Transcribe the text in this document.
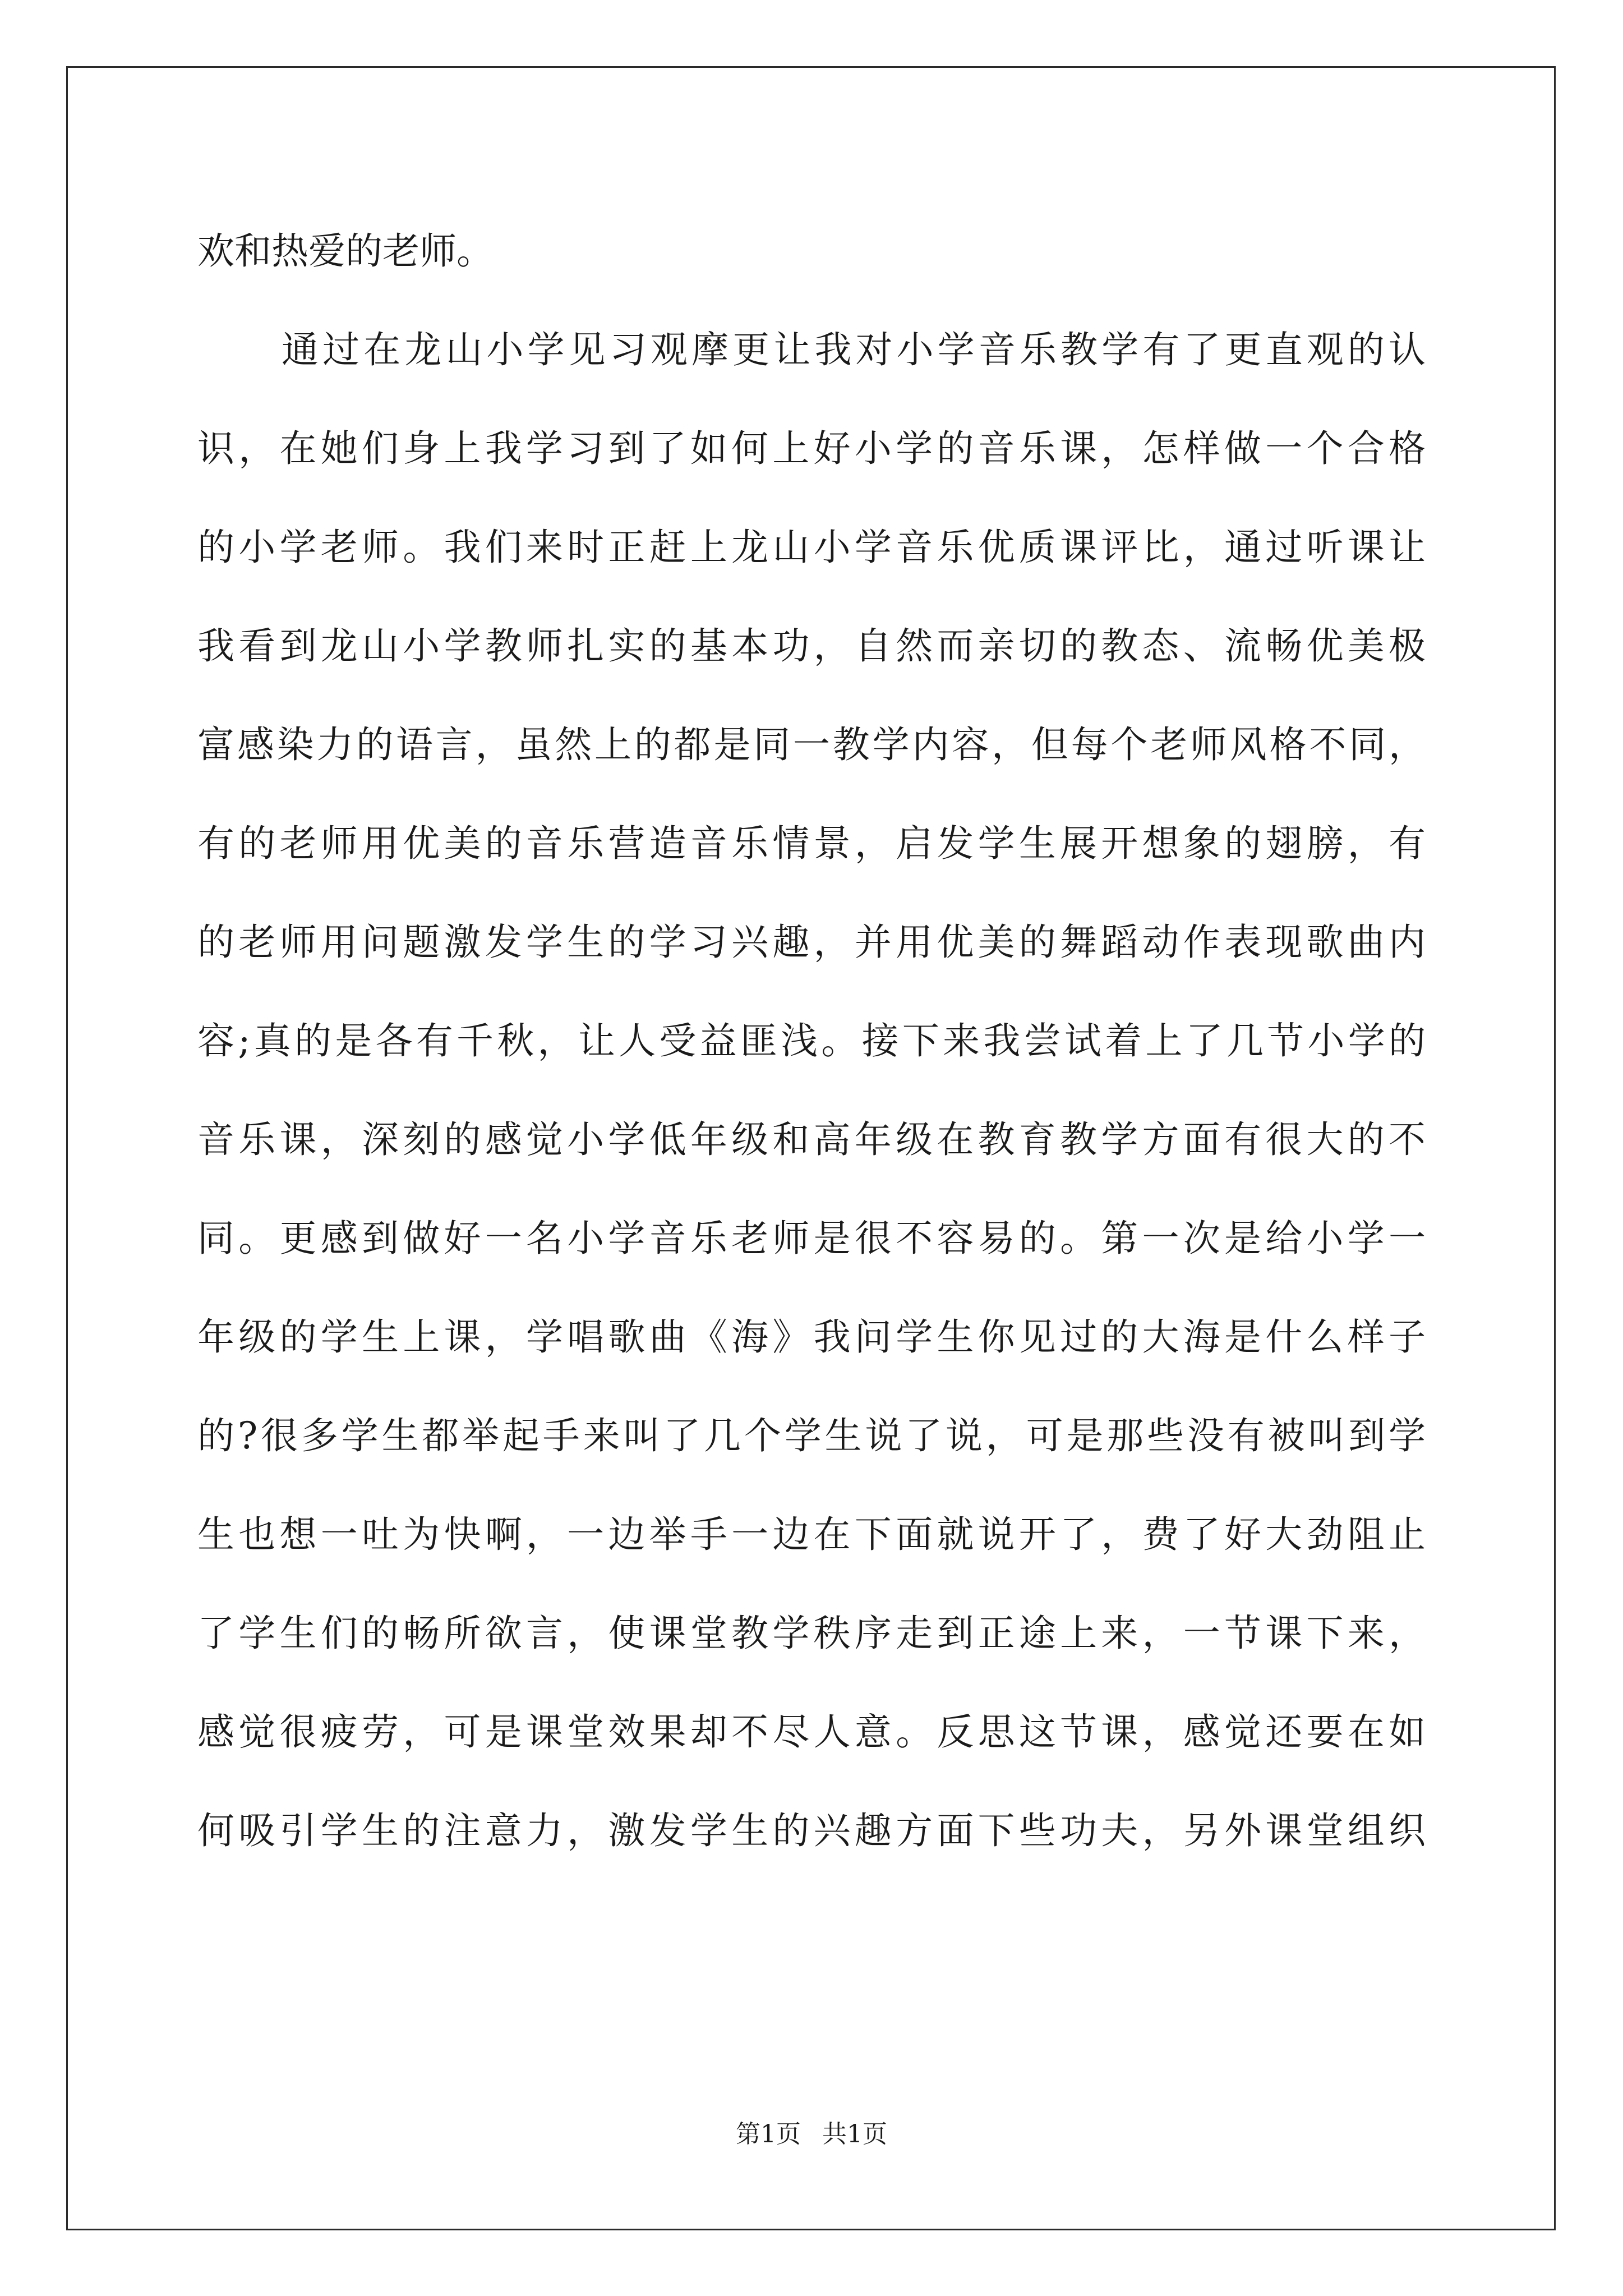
欢和热爱的老师。
通过在龙山小学见习观摩更让我对小学音乐教学有了更直观的认
识，在她们身上我学习到了如何上好小学的音乐课，怎样做一个合格
的小学老师。我们来时正赶上龙山小学音乐优质课评比，通过听课让
我看到龙山小学教师扎实的基本功，自然而亲切的教态、流畅优美极
富感染力的语言，虽然上的都是同一教学内容，但每个老师风格不同，
有的老师用优美的音乐营造音乐情景，启发学生展开想象的翅膀，有
的老师用问题激发学生的学习兴趣，并用优美的舞蹈动作表现歌曲内
容;真的是各有千秋，让人受益匪浅。接下来我尝试着上了几节小学的
音乐课，深刻的感觉小学低年级和高年级在教育教学方面有很大的不
同。更感到做好一名小学音乐老师是很不容易的。第一次是给小学一
年级的学生上课，学唱歌曲《海》我问学生你见过的大海是什么样子
的?很多学生都举起手来叫了几个学生说了说，可是那些没有被叫到学
生也想一吐为快啊，一边举手一边在下面就说开了，费了好大劲阻止
了学生们的畅所欲言，使课堂教学秩序走到正途上来，一节课下来，
感觉很疲劳，可是课堂效果却不尽人意。反思这节课，感觉还要在如
何吸引学生的注意力，激发学生的兴趣方面下些功夫，另外课堂组织
第1页 共1页
